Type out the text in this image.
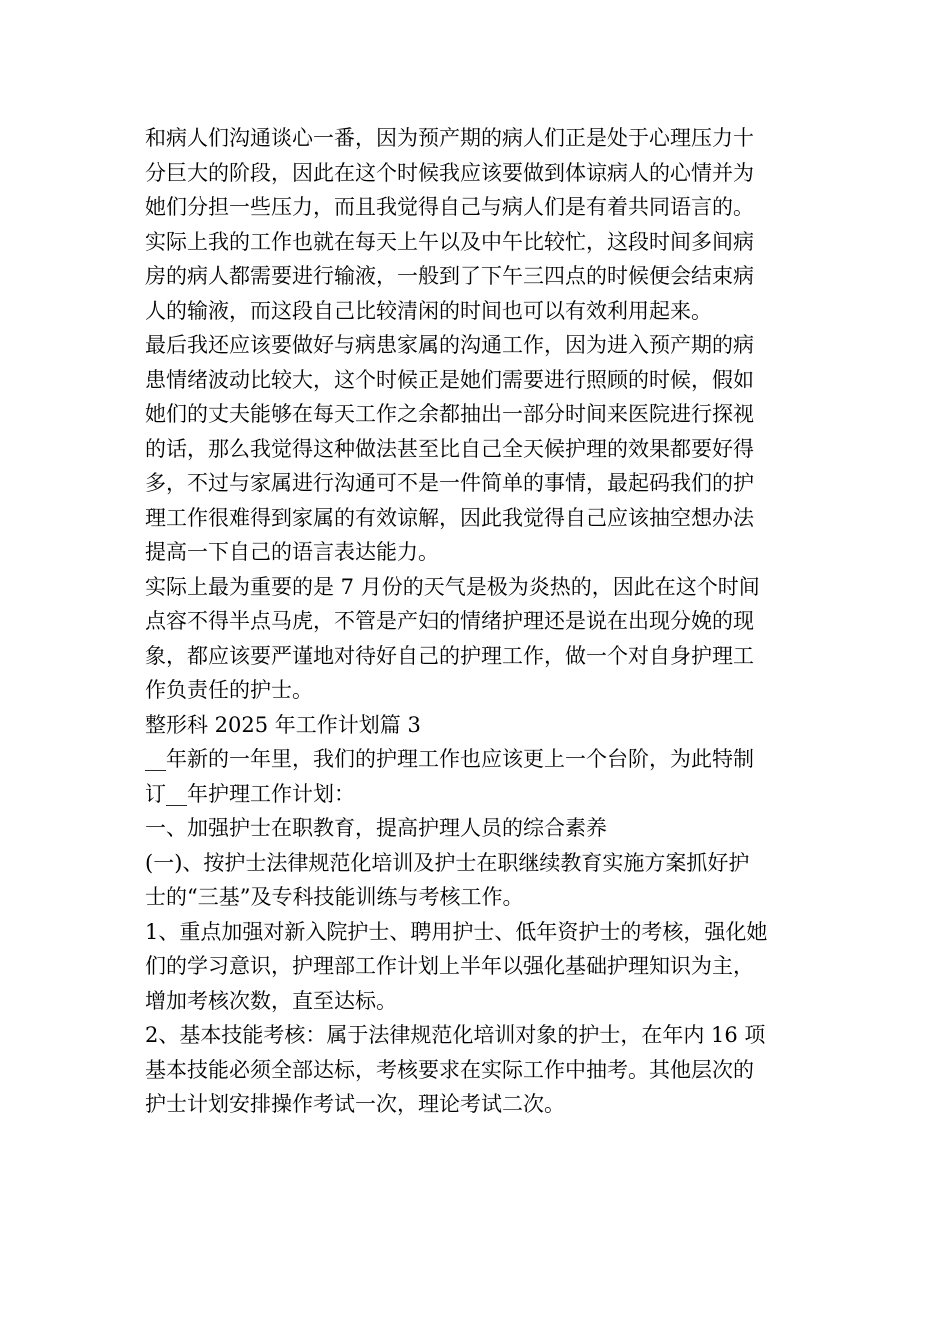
和病人们沟通谈心一番，因为预产期的病人们正是处于心理压力十
分巨大的阶段，因此在这个时候我应该要做到体谅病人的心情并为
她们分担一些压力，而且我觉得自己与病人们是有着共同语言的。
实际上我的工作也就在每天上午以及中午比较忙，这段时间多间病
房的病人都需要进行输液，一般到了下午三四点的时候便会结束病
人的输液，而这段自己比较清闲的时间也可以有效利用起来。
最后我还应该要做好与病患家属的沟通工作，因为进入预产期的病
患情绪波动比较大，这个时候正是她们需要进行照顾的时候，假如
她们的丈夫能够在每天工作之余都抽出一部分时间来医院进行探视
的话，那么我觉得这种做法甚至比自己全天候护理的效果都要好得
多，不过与家属进行沟通可不是一件简单的事情，最起码我们的护
理工作很难得到家属的有效谅解，因此我觉得自己应该抽空想办法
提高一下自己的语言表达能力。
实际上最为重要的是 7 月份的天气是极为炎热的，因此在这个时间
点容不得半点马虎，不管是产妇的情绪护理还是说在出现分娩的现
象，都应该要严谨地对待好自己的护理工作，做一个对自身护理工
作负责任的护士。
整形科 2025 年工作计划篇 3
__年新的一年里，我们的护理工作也应该更上一个台阶，为此特制
订__年护理工作计划：
一、加强护士在职教育，提高护理人员的综合素养
(一)、按护士法律规范化培训及护士在职继续教育实施方案抓好护
士的“三基”及专科技能训练与考核工作。
1、重点加强对新入院护士、聘用护士、低年资护士的考核，强化她
们的学习意识，护理部工作计划上半年以强化基础护理知识为主，
增加考核次数，直至达标。
2、基本技能考核：属于法律规范化培训对象的护士，在年内 16 项
基本技能必须全部达标，考核要求在实际工作中抽考。其他层次的
护士计划安排操作考试一次，理论考试二次。
